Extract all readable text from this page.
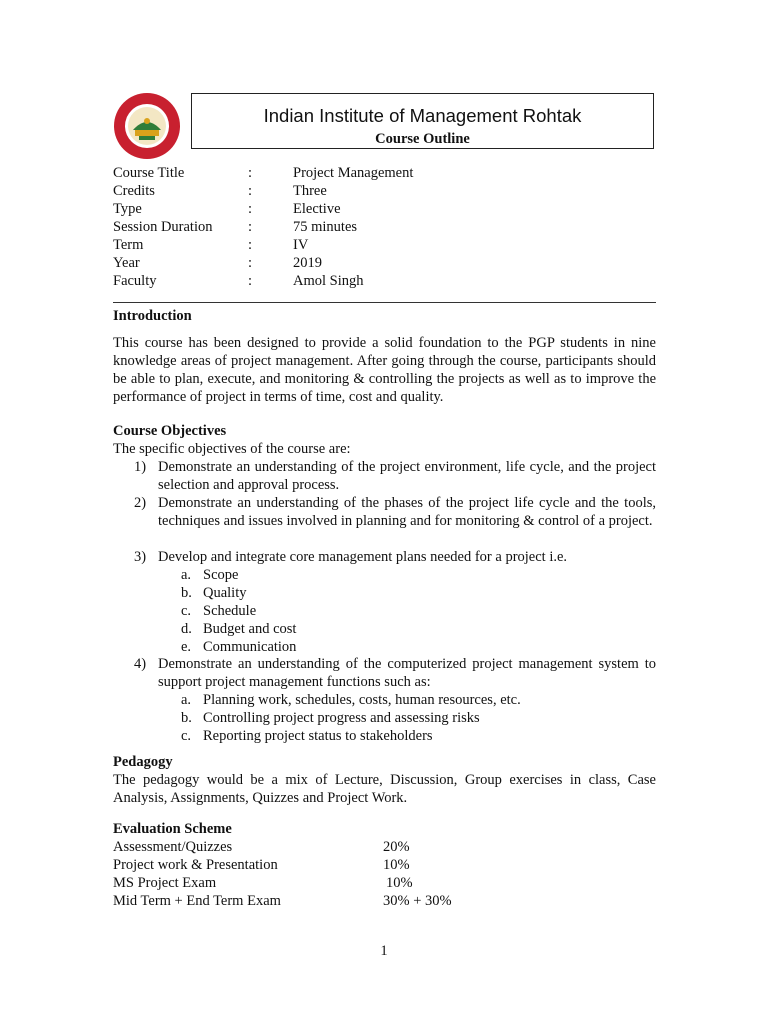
Indian Institute of Management Rohtak
Course Outline
Course Title	:	Project Management
Credits	:	Three
Type	:	Elective
Session Duration :	75 minutes
Term	:	IV
Year	:	2019
Faculty	:	Amol Singh
Introduction
This course has been designed to provide a solid foundation to the PGP students in nine knowledge areas of project management. After going through the course, participants should be able to plan, execute, and monitoring & controlling the projects as well as to improve the performance of project in terms of time, cost and quality.
Course Objectives
The specific objectives of the course are:
1) Demonstrate an understanding of the project environment, life cycle, and the project selection and approval process.
2) Demonstrate an understanding of the phases of the project life cycle and the tools, techniques and issues involved in planning and for monitoring & control of a project.
3) Develop and integrate core management plans needed for a project i.e.
a. Scope
b. Quality
c. Schedule
d. Budget and cost
e. Communication
4) Demonstrate an understanding of the computerized project management system to support project management functions such as:
a. Planning work, schedules, costs, human resources, etc.
b. Controlling project progress and assessing risks
c. Reporting project status to stakeholders
Pedagogy
The pedagogy would be a mix of Lecture, Discussion, Group exercises in class, Case Analysis, Assignments, Quizzes and Project Work.
Evaluation Scheme
Assessment/Quizzes	20%
Project work & Presentation	10%
MS Project Exam	10%
Mid Term + End Term Exam	30% + 30%
1
